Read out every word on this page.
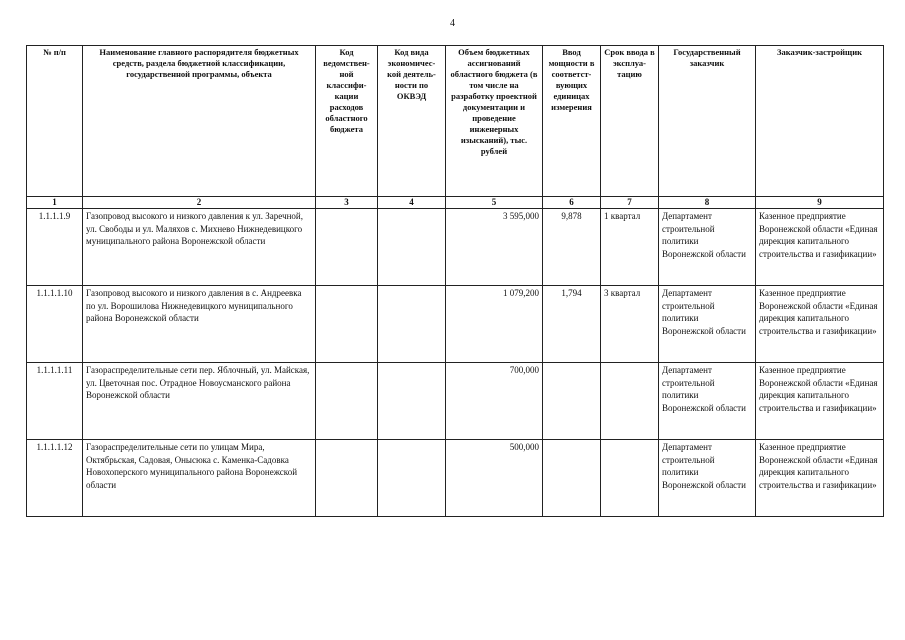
4
№ п/п	Наименование главного распорядителя бюджетных средств, раздела бюджетной классификации, государственной программы, объекта	Код ведомствен-ной классифи-кации расходов областного бюджета	Код вида экономичес-кой деятель-ности по ОКВЭД	Объем бюджетных ассигнований областного бюджета (в том числе на разработку проектной документации и проведение инженерных изысканий), тыс. рублей	Ввод мощности в соответст-вующих единицах измерения	Срок ввода в эксплуа-тацию	Государственный заказчик	Заказчик-застройщик
1	2	3	4	5	6	7	8	9
1.1.1.1.9	Газопровод высокого и низкого давления к ул. Заречной, ул. Свободы и ул. Маляхов с. Михнево Нижнедевицкого муниципального района Воронежской области			3 595,000	9,878	1 квартал	Департамент строительной политики Воронежской области	Казенное предприятие Воронежской области «Единая дирекция капитального строительства и газификации»
1.1.1.1.10	Газопровод высокого и низкого давления в с. Андреевка по ул. Ворошилова Нижнедевицкого муниципального района Воронежской области			1 079,200	1,794	3 квартал	Департамент строительной политики Воронежской области	Казенное предприятие Воронежской области «Единая дирекция капитального строительства и газификации»
1.1.1.1.11	Газораспределительные сети пер. Яблочный, ул. Майская, ул. Цветочная пос. Отрадное Новоусманского района Воронежской области			700,000			Департамент строительной политики Воронежской области	Казенное предприятие Воронежской области «Единая дирекция капитального строительства и газификации»
1.1.1.1.12	Газораспределительные сети по улицам Мира, Октябрьская, Садовая, Онысюка с. Каменка-Садовка Новохоперского муниципального района Воронежской области			500,000			Департамент строительной политики Воронежской области	Казенное предприятие Воронежской области «Единая дирекция капитального строительства и газификации»
